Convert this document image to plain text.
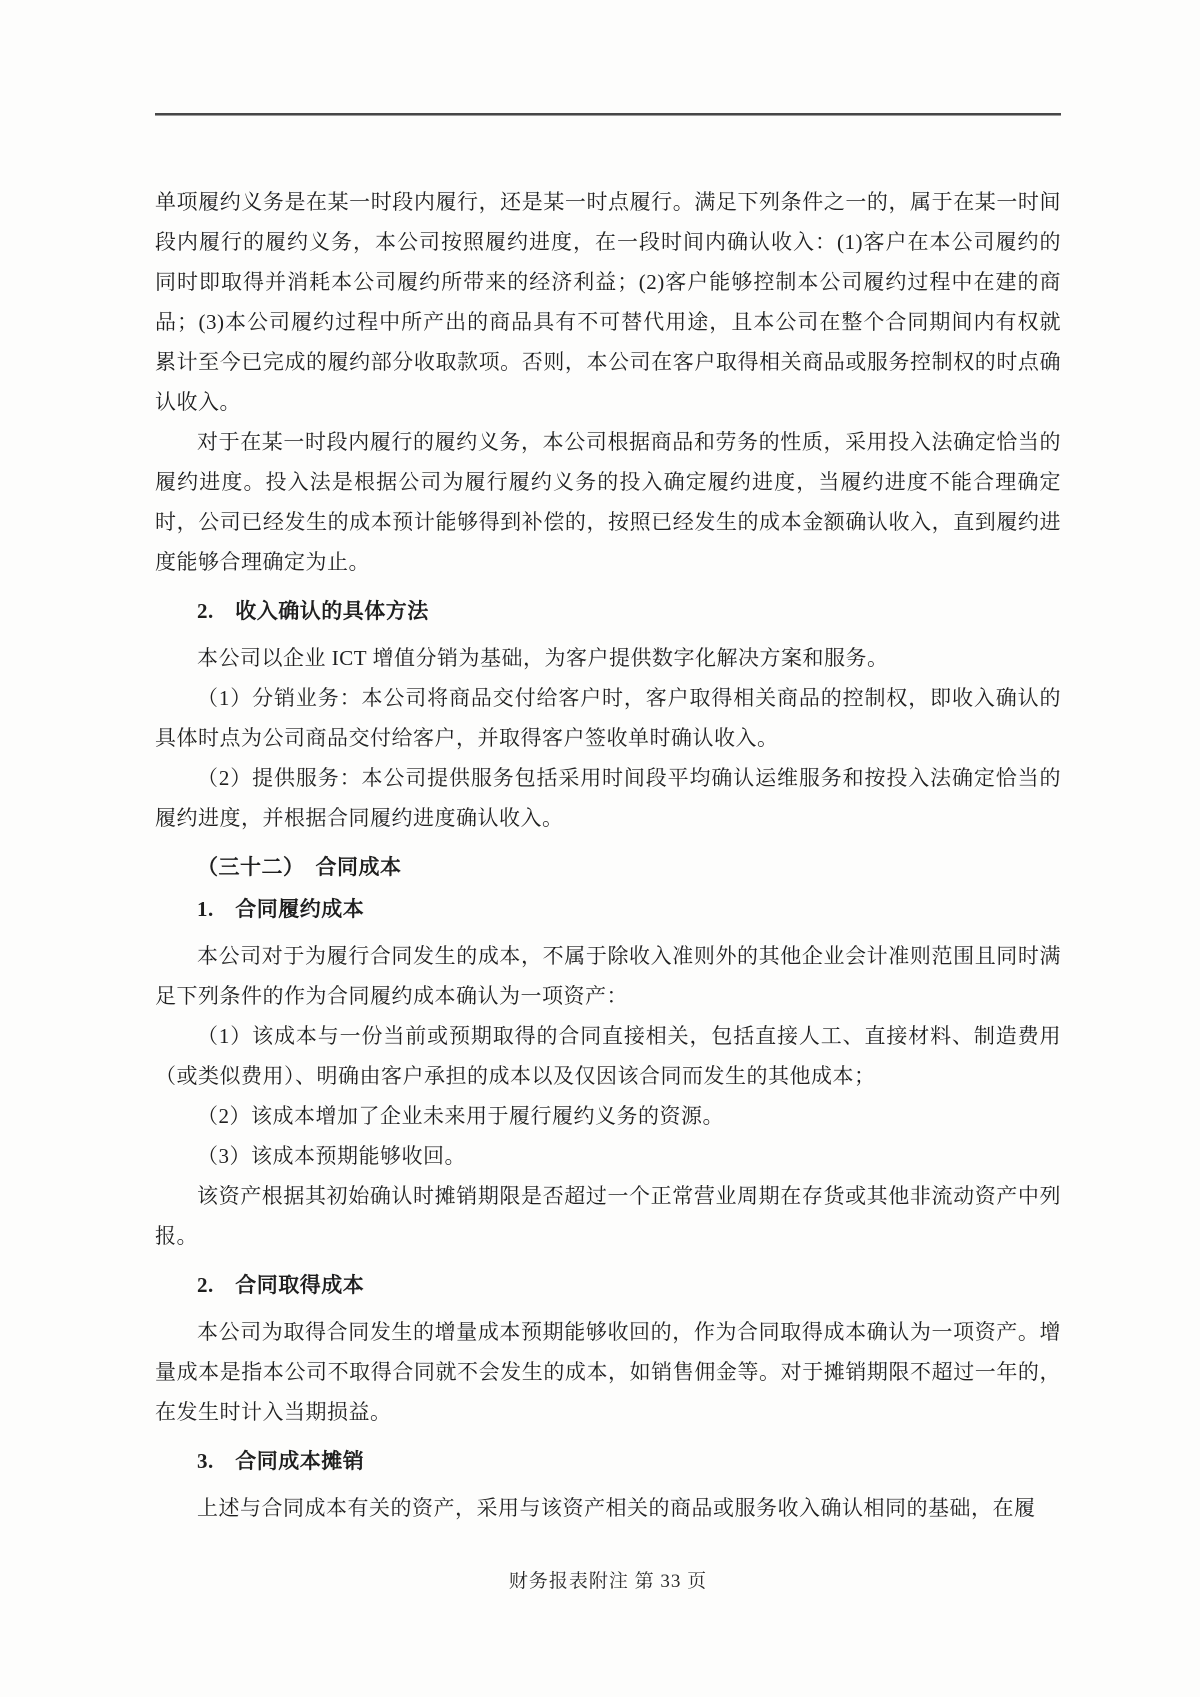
单项履约义务是在某一时段内履行，还是某一时点履行。满足下列条件之一的，属于在某一时间段内履行的履约义务，本公司按照履约进度，在一段时间内确认收入：(1)客户在本公司履约的同时即取得并消耗本公司履约所带来的经济利益；(2)客户能够控制本公司履约过程中在建的商品；(3)本公司履约过程中所产出的商品具有不可替代用途，且本公司在整个合同期间内有权就累计至今已完成的履约部分收取款项。否则，本公司在客户取得相关商品或服务控制权的时点确认收入。
对于在某一时段内履行的履约义务，本公司根据商品和劳务的性质，采用投入法确定恰当的履约进度。投入法是根据公司为履行履约义务的投入确定履约进度，当履约进度不能合理确定时，公司已经发生的成本预计能够得到补偿的，按照已经发生的成本金额确认收入，直到履约进度能够合理确定为止。
2.　收入确认的具体方法
本公司以企业 ICT 增值分销为基础，为客户提供数字化解决方案和服务。
（1）分销业务：本公司将商品交付给客户时，客户取得相关商品的控制权，即收入确认的具体时点为公司商品交付给客户，并取得客户签收单时确认收入。
（2）提供服务：本公司提供服务包括采用时间段平均确认运维服务和按投入法确定恰当的履约进度，并根据合同履约进度确认收入。
（三十二）　合同成本
1.　合同履约成本
本公司对于为履行合同发生的成本，不属于除收入准则外的其他企业会计准则范围且同时满足下列条件的作为合同履约成本确认为一项资产：
（1）该成本与一份当前或预期取得的合同直接相关，包括直接人工、直接材料、制造费用（或类似费用）、明确由客户承担的成本以及仅因该合同而发生的其他成本；
（2）该成本增加了企业未来用于履行履约义务的资源。
（3）该成本预期能够收回。
该资产根据其初始确认时摊销期限是否超过一个正常营业周期在存货或其他非流动资产中列报。
2.　合同取得成本
本公司为取得合同发生的增量成本预期能够收回的，作为合同取得成本确认为一项资产。增量成本是指本公司不取得合同就不会发生的成本，如销售佣金等。对于摊销期限不超过一年的，在发生时计入当期损益。
3.　合同成本摊销
上述与合同成本有关的资产，采用与该资产相关的商品或服务收入确认相同的基础，在履
财务报表附注 第 33 页
